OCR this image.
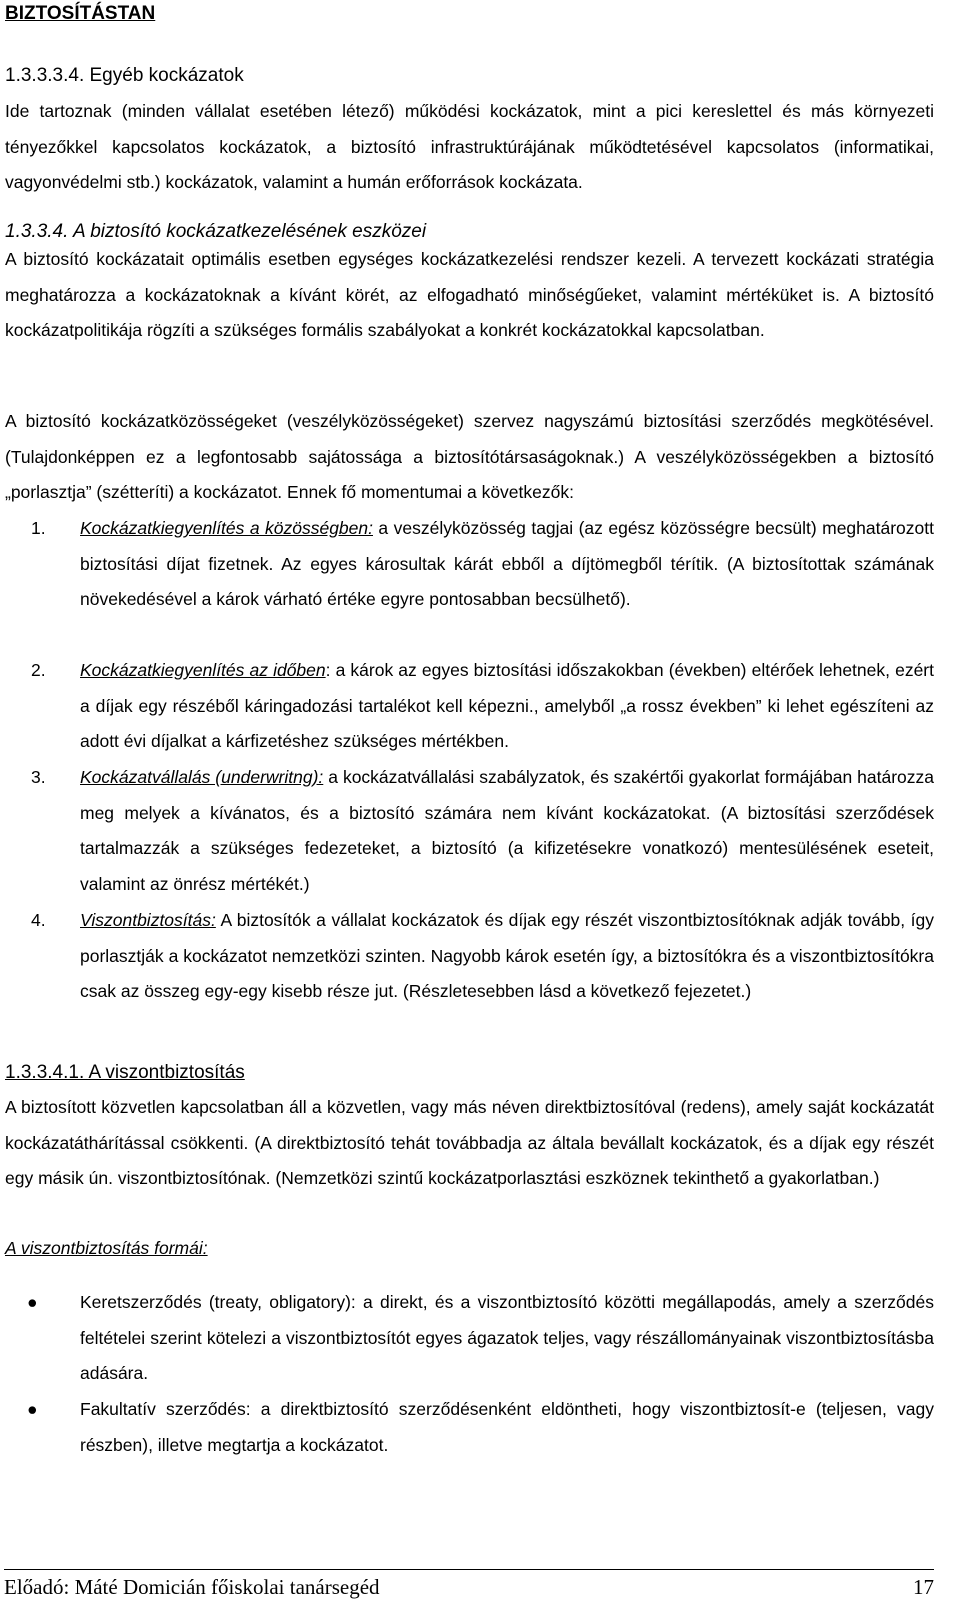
BIZTOSÍTÁSTAN

1.3.3.3.4. Egyéb kockázatok

Ide tartoznak (minden vállalat esetében létező) működési kockázatok, mint a pici kereslettel és más környezeti tényezőkkel kapcsolatos kockázatok, a biztosító infrastruktúrájának működtetésével kapcsolatos (informatikai, vagyonvédelmi stb.) kockázatok, valamint a humán erőforrások kockázata.

1.3.3.4. A biztosító kockázatkezelésének eszközei

A biztosító kockázatait optimális esetben egységes kockázatkezelési rendszer kezeli. A tervezett kockázati stratégia meghatározza a kockázatoknak a kívánt körét, az elfogadható minőségűeket, valamint mértéküket is. A biztosító kockázatpolitikája rögzíti a szükséges formális szabályokat a konkrét kockázatokkal kapcsolatban.

A biztosító kockázatközösségeket (veszélyközösségeket) szervez nagyszámú biztosítási szerződés megkötésével. (Tulajdonképpen ez a legfontosabb sajátossága a biztosítótársaságoknak.) A veszélyközösségekben a biztosító „porlasztja” (szétteríti) a kockázatot. Ennek fő momentumai a következők:

1.	Kockázatkiegyenlítés a közösségben: a veszélyközösség tagjai (az egész közösségre becsült) meghatározott biztosítási díjat fizetnek. Az egyes károsultak kárát ebből a díjtömegből térítik. (A biztosítottak számának növekedésével a károk várható értéke egyre pontosabban becsülhető).
2.	Kockázatkiegyenlítés az időben: a károk az egyes biztosítási időszakokban (években) eltérőek lehetnek, ezért a díjak egy részéből káringadozási tartalékot kell képezni., amelyből „a rossz években” ki lehet egészíteni az adott évi díjalkat a kárfizetéshez szükséges mértékben.
3.	Kockázatvállalás (underwritng): a kockázatvállalási szabályzatok, és szakértői gyakorlat formájában határozza meg melyek a kívánatos, és a biztosító számára nem kívánt kockázatokat. (A biztosítási szerződések tartalmazzák a szükséges fedezeteket, a biztosító (a kifizetésekre vonatkozó) mentesülésének eseteit, valamint az önrész mértékét.)
4.	Viszontbiztosítás: A biztosítók a vállalat kockázatok és díjak egy részét viszontbiztosítóknak adják tovább, így porlasztják a kockázatot nemzetközi szinten. Nagyobb károk esetén így, a biztosítókra és a viszontbiztosítókra csak az összeg egy-egy kisebb része jut. (Részletesebben lásd a következő fejezetet.)

1.3.3.4.1. A viszontbiztosítás

A biztosított közvetlen kapcsolatban áll a közvetlen, vagy más néven direktbiztosítóval (redens), amely saját kockázatát kockázatáthárítással csökkenti. (A direktbiztosító tehát továbbadja az általa bevállalt kockázatok, és a díjak egy részét egy másik ún. viszontbiztosítónak. (Nemzetközi szintű kockázatporlasztási eszköznek tekinthető a gyakorlatban.)

A viszontbiztosítás formái:

● Keretszerződés (treaty, obligatory): a direkt, és a viszontbiztosító közötti megállapodás, amely a szerződés feltételei szerint kötelezi a viszontbiztosítót egyes ágazatok teljes, vagy részállományainak viszontbiztosításba adására.
● Fakultatív szerződés: a direktbiztosító szerződésenként eldöntheti, hogy viszontbiztosít-e (teljesen, vagy részben), illetve megtartja a kockázatot.
Előadó: Máté Domicián főiskolai tanársegéd	17
